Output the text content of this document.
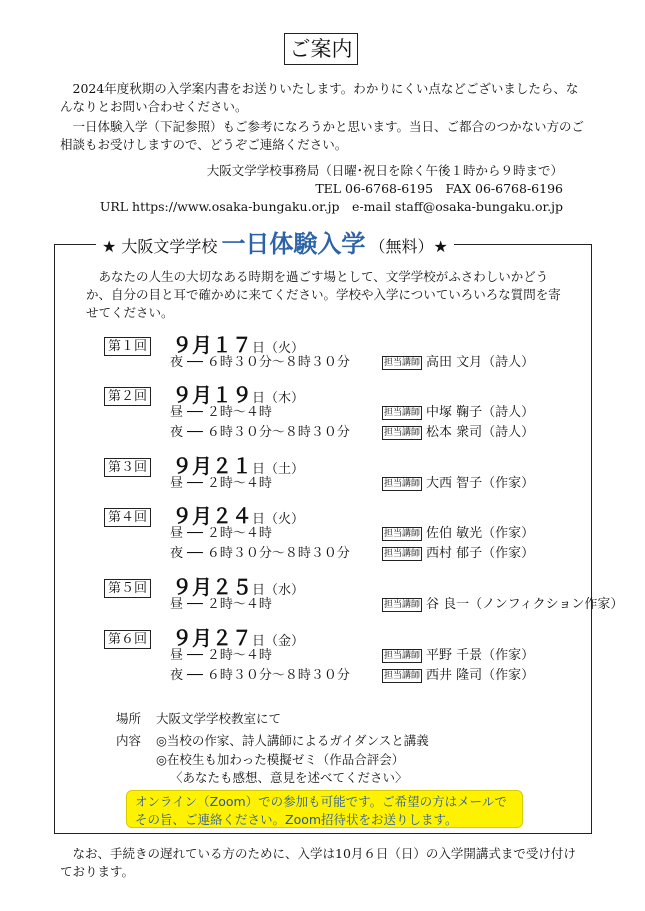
ご案内

2024年度秋期の入学案内書をお送りいたします。わかりにくい点などございましたら、なんなりとお問い合わせください。

一日体験入学（下記参照）もご参考になろうかと思います。当日、ご都合のつかない方のご相談もお受けしますので、どうぞご連絡ください。

大阪文学学校事務局（日曜･祝日を除く午後１時から９時まで）

TEL 06-6768-6195　FAX 06-6768-6196

URL https://www.osaka-bungaku.or.jp　e-mail staff@osaka-bungaku.or.jp

★ 大阪文学学校 一日体験入学 （無料）★

あなたの人生の大切なある時期を過ごす場として、文学学校がふさわしいかどうか、自分の目と耳で確かめに来てください。学校や入学についていろいろな質問を寄せてください。

第１回 ９月１７日（火）
夜 ── ６時３０分〜８時３０分	担当講師 高田 文月（詩人）
第２回 ９月１９日（木）
昼 ── ２時〜４時	担当講師 中塚 鞠子（詩人）
夜 ── ６時３０分〜８時３０分	担当講師 松本 衆司（詩人）
第３回 ９月２１日（土）
昼 ── ２時〜４時	担当講師 大西 智子（作家）
第４回 ９月２４日（火）
昼 ── ２時〜４時	担当講師 佐伯 敏光（作家）
夜 ── ６時３０分〜８時３０分	担当講師 西村 郁子（作家）
第５回 ９月２５日（水）
昼 ── ２時〜４時	担当講師 谷 良一（ノンフィクション作家）
第６回 ９月２７日（金）
昼 ── ２時〜４時	担当講師 平野 千景（作家）
夜 ── ６時３０分〜８時３０分	担当講師 西井 隆司（作家）
場所 大阪文学学校教室にて
内容 ◎当校の作家、詩人講師によるガイダンスと講義
◎在校生も加わった模擬ゼミ（作品合評会）
〈あなたも感想、意見を述べてください〉
オンライン（Zoom）での参加も可能です。ご希望の方はメールでその旨、ご連絡ください。Zoom招待状をお送りします。

なお、手続きの遅れている方のために、入学は10月６日（日）の入学開講式まで受け付けております。
